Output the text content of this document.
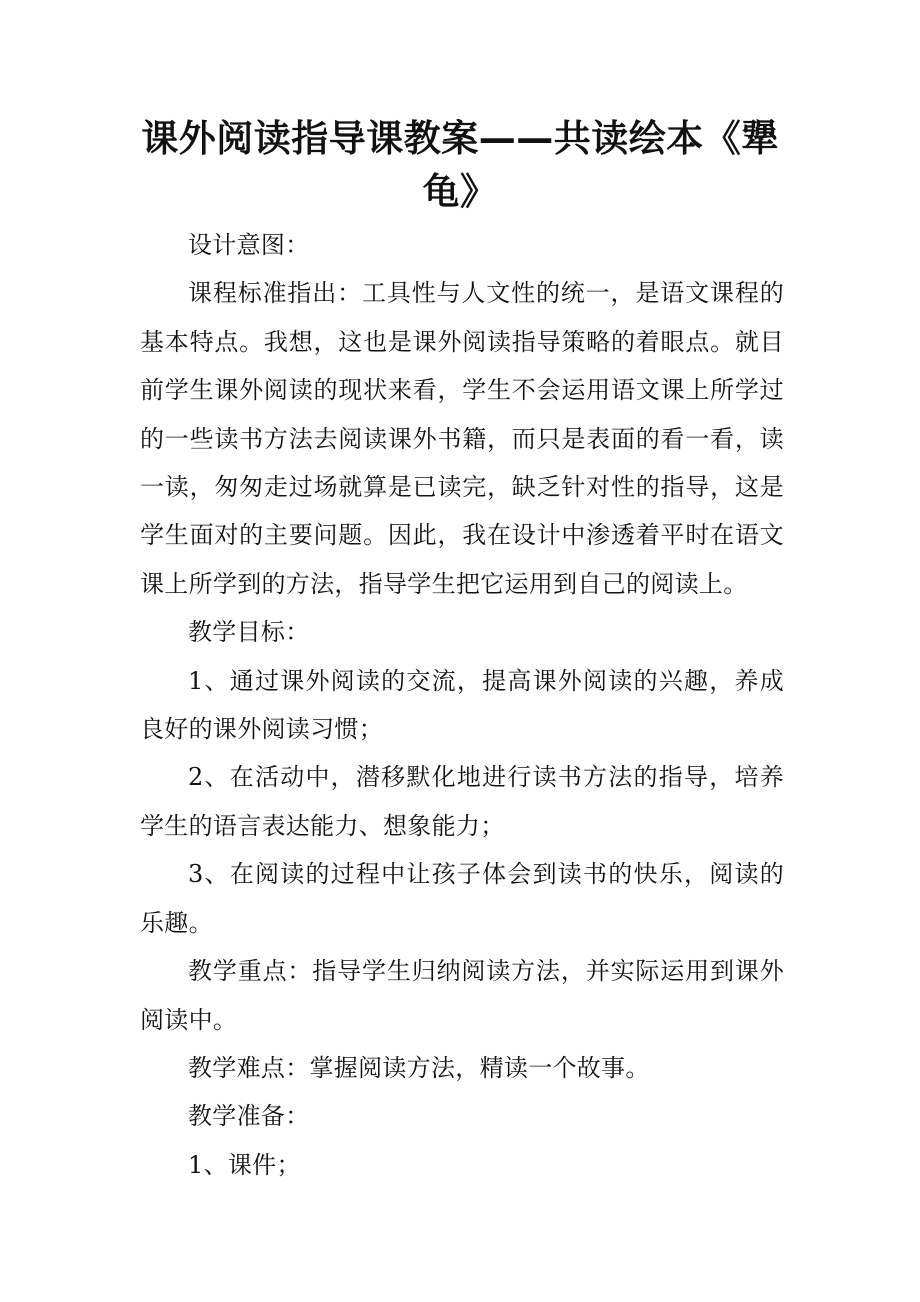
课外阅读指导课教案——共读绘本《犟龟》

设计意图：

课程标准指出：工具性与人文性的统一，是语文课程的基本特点。我想，这也是课外阅读指导策略的着眼点。就目前学生课外阅读的现状来看，学生不会运用语文课上所学过的一些读书方法去阅读课外书籍，而只是表面的看一看，读一读，匆匆走过场就算是已读完，缺乏针对性的指导，这是学生面对的主要问题。因此，我在设计中渗透着平时在语文课上所学到的方法，指导学生把它运用到自己的阅读上。

教学目标：

1、通过课外阅读的交流，提高课外阅读的兴趣，养成良好的课外阅读习惯；

2、在活动中，潜移默化地进行读书方法的指导，培养学生的语言表达能力、想象能力；

3、在阅读的过程中让孩子体会到读书的快乐，阅读的乐趣。

教学重点：指导学生归纳阅读方法，并实际运用到课外阅读中。

教学难点：掌握阅读方法，精读一个故事。

教学准备：

1、课件；
